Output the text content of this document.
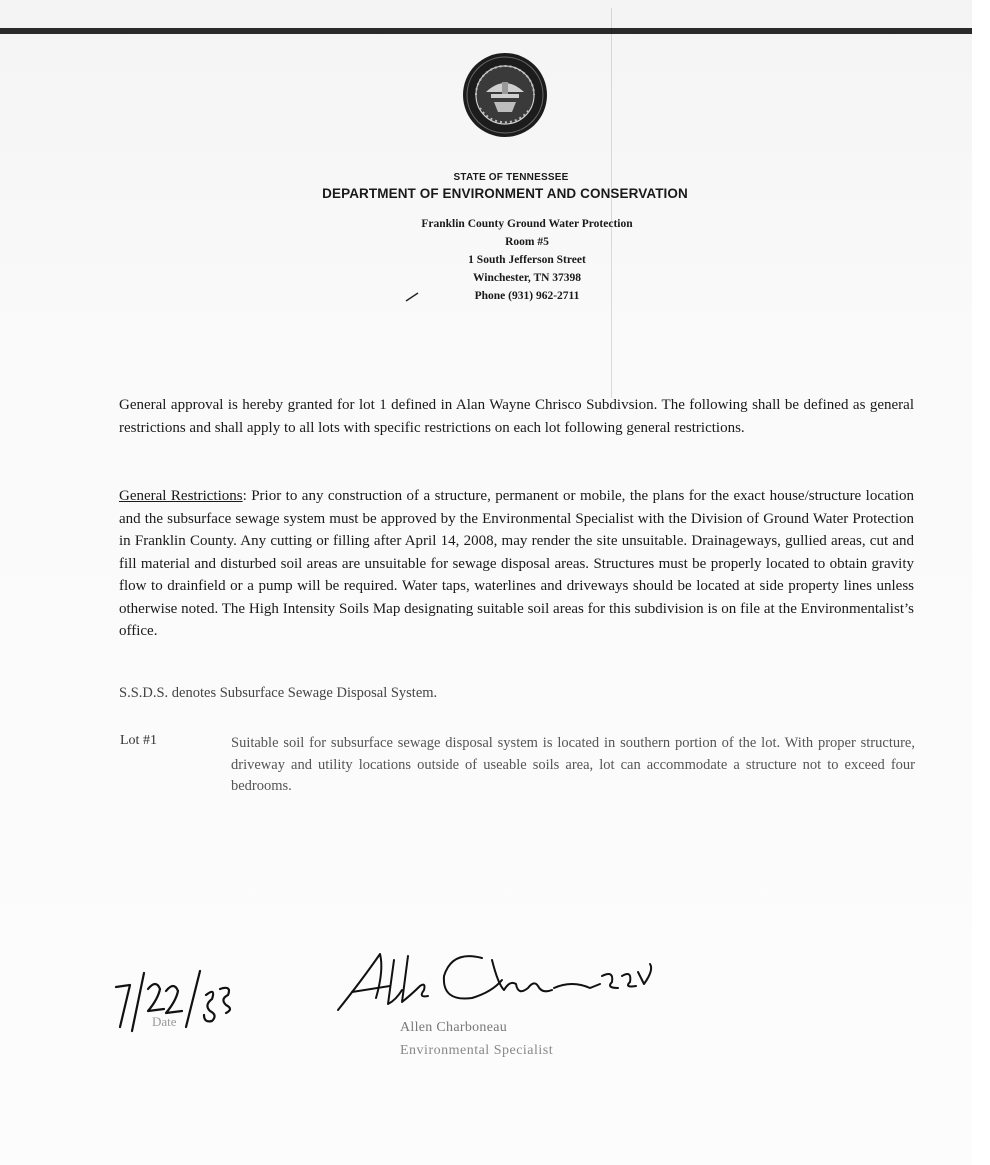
STATE OF TENNESSEE
DEPARTMENT OF ENVIRONMENT AND CONSERVATION
Franklin County Ground Water Protection
Room #5
1 South Jefferson Street
Winchester, TN 37398
Phone (931) 962-2711
General approval is hereby granted for lot 1 defined in Alan Wayne Chrisco Subdivsion. The following shall be defined as general restrictions and shall apply to all lots with specific restrictions on each lot following general restrictions.
General Restrictions: Prior to any construction of a structure, permanent or mobile, the plans for the exact house/structure location and the subsurface sewage system must be approved by the Environmental Specialist with the Division of Ground Water Protection in Franklin County. Any cutting or filling after April 14, 2008, may render the site unsuitable. Drainageways, gullied areas, cut and fill material and disturbed soil areas are unsuitable for sewage disposal areas. Structures must be properly located to obtain gravity flow to drainfield or a pump will be required. Water taps, waterlines and driveways should be located at side property lines unless otherwise noted. The High Intensity Soils Map designating suitable soil areas for this subdivision is on file at the Environmentalist’s office.
S.S.D.S. denotes Subsurface Sewage Disposal System.
Lot #1	Suitable soil for subsurface sewage disposal system is located in southern portion of the lot. With proper structure, driveway and utility locations outside of useable soils area, lot can accommodate a structure not to exceed four bedrooms.
Date	Allen Charboneau
Environmental Specialist
